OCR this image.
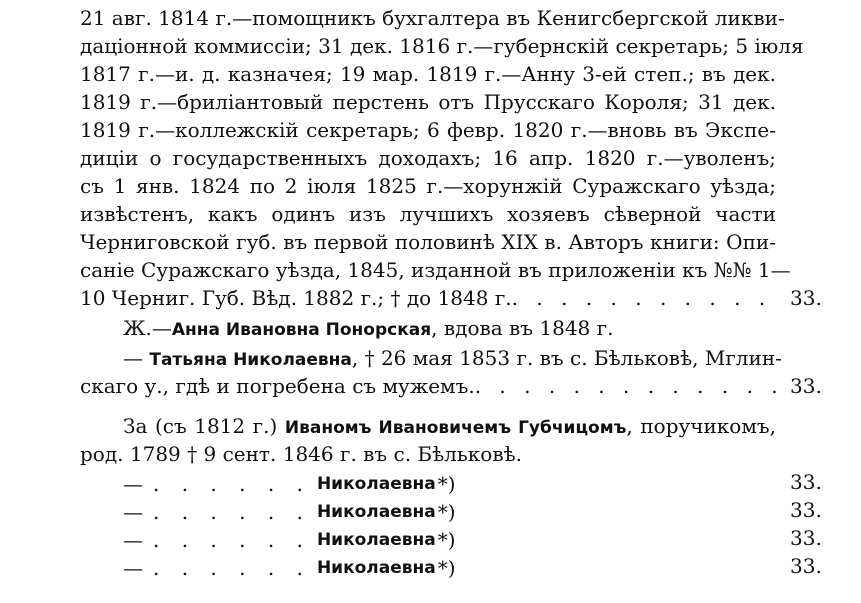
21 авг. 1814 г.—помощникъ бухгалтера въ Кенигсбергской ликви-
даціонной коммиссіи; 31 дек. 1816 г.—губернскій секретарь; 5 іюля
1817 г.—и. д. казначея; 19 мар. 1819 г.—Анну 3-ей степ.; въ дек.
1819 г.—бриліантовый перстень отъ Прусскаго Короля; 31 дек.
1819 г.—коллежскій секретарь; 6 февр. 1820 г.—вновь въ Экспе-
диціи о государственныхъ доходахъ; 16 апр. 1820 г.—уволенъ;
съ 1 янв. 1824 по 2 іюля 1825 г.—хорунжій Суражскаго уѣзда;
извѣстенъ, какъ одинъ изъ лучшихъ хозяевъ сѣверной части
Черниговской губ. въ первой половинѣ XIX в. Авторъ книги: Опи-
саніе Суражскаго уѣзда, 1845, изданной въ приложеніи къ №№ 1—
10 Черниг. Губ. Вѣд. 1882 г.; † до 1848 г. . . .	33.
Ж.—Анна Ивановна Понорская, вдова въ 1848 г.
— Татьяна Николаевна, † 26 мая 1853 г. въ с. Бѣльковѣ, Мглин-
скаго у., гдѣ и погребена съ мужемъ. . . .	33.
За (съ 1812 г.) Иваномъ Ивановичемъ Губчицомъ, поручикомъ,
род. 1789 † 9 сент. 1846 г. въ с. Бѣльковѣ.
— . . .	Николаевна *)	33.
— . . .	Николаевна *)	33.
— . . .	Николаевна *)	33.
— . . .	Николаевна *)	33.
